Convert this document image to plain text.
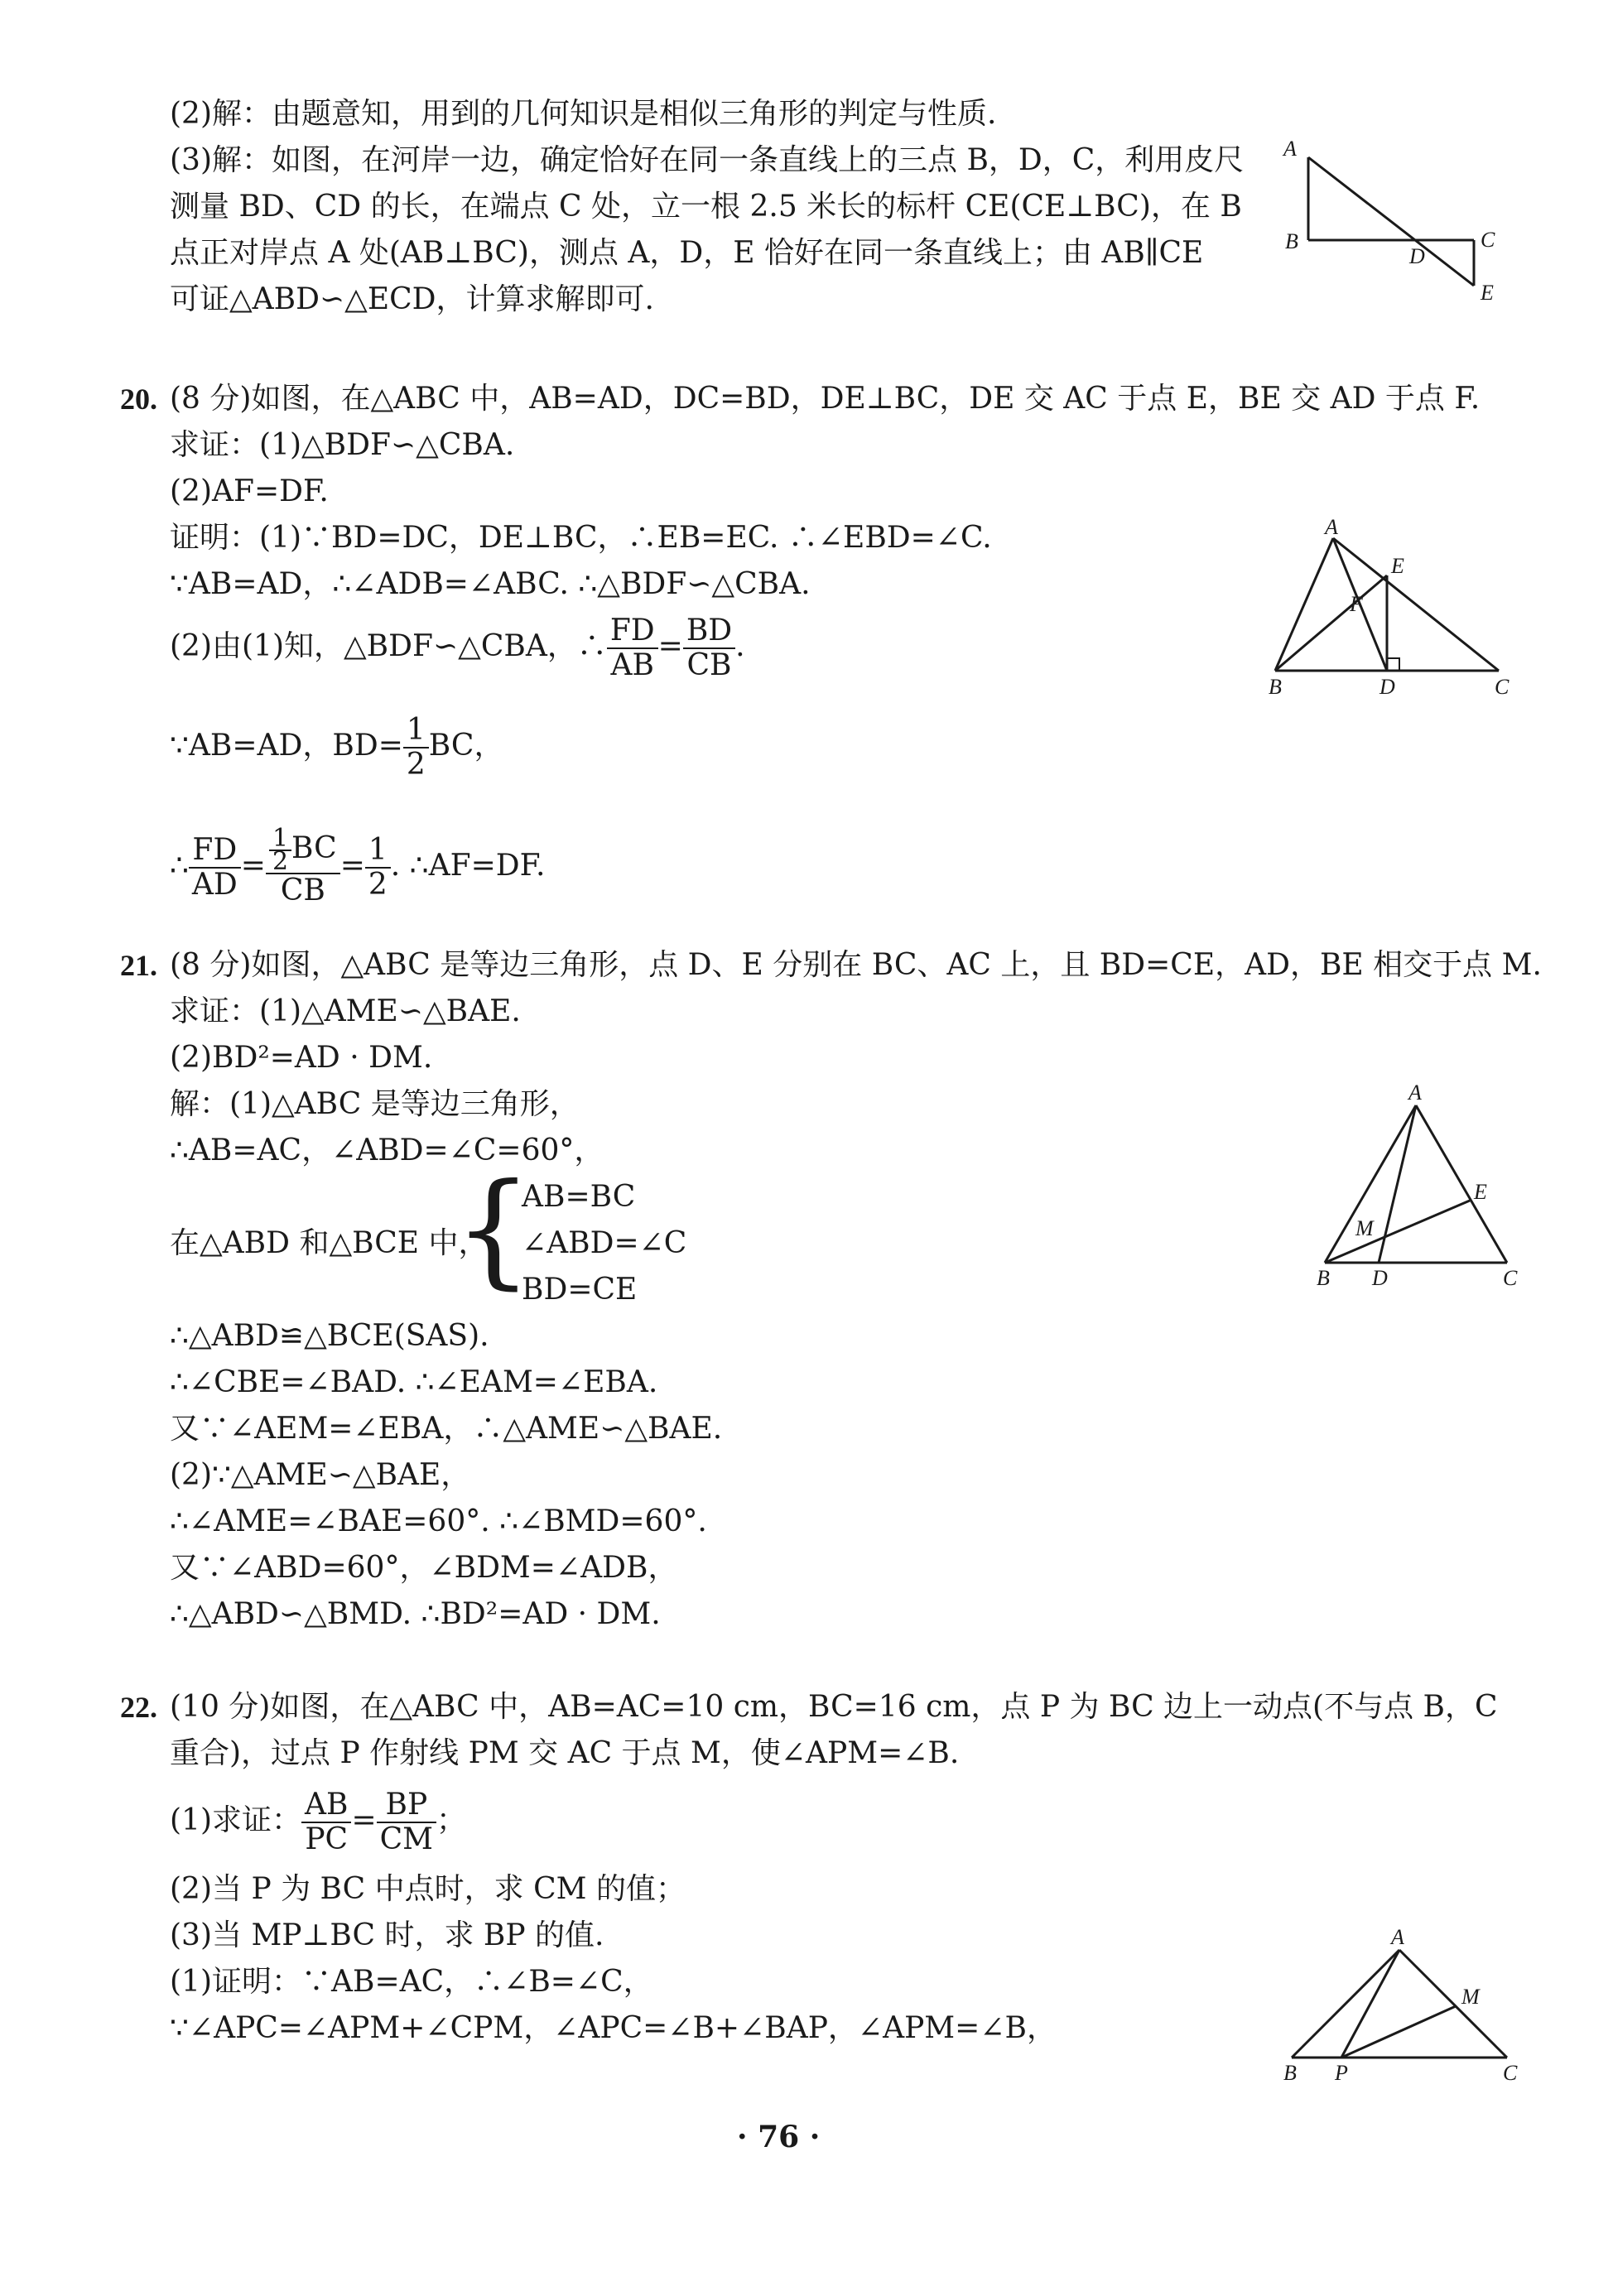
(2)解：由题意知，用到的几何知识是相似三角形的判定与性质.
(3)解：如图，在河岸一边，确定恰好在同一条直线上的三点 B，D，C，利用皮尺
测量 BD、CD 的长，在端点 C 处，立一根 2.5 米长的标杆 CE(CE⊥BC)，在 B
点正对岸点 A 处(AB⊥BC)，测点 A，D，E 恰好在同一条直线上；由 AB∥CE
可证△ABD∽△ECD，计算求解即可.
A
B	C
D
E
20. (8 分)如图，在△ABC 中，AB=AD，DC=BD，DE⊥BC，DE 交 AC 于点 E，BE 交 AD 于点 F.
求证：(1)△BDF∽△CBA.
(2)AF=DF.
证明：(1)∵BD=DC，DE⊥BC，∴EB=EC. ∴∠EBD=∠C.
∵AB=AD，∴∠ADB=∠ABC. ∴△BDF∽△CBA.
(2)由(1)知，△BDF∽△CBA，∴ $\frac{FD}{AB} = \frac{BD}{CB}$ .
∵AB=AD，$BD= \frac{1}{2}$ BC，
∴ $\frac{FD}{AD} = \frac{\frac{1}{2} BC}{CB} = \frac{1}{2}$ . ∴AF=DF.
A
E
F
B	D	C
21. (8 分)如图，△ABC 是等边三角形，点 D、E 分别在 BC、AC 上，且 BD=CE，AD，BE 相交于点 M.
求证：(1)△AME∽△BAE.
(2)BD²=AD · DM.
解：(1)△ABC 是等边三角形，
∴AB=AC，∠ABD=∠C=60°，
在△ABD 和△BCE 中，
{
AB=BC
∠ABD=∠C
BD=CE
∴△ABD≌△BCE(SAS).
∴∠CBE=∠BAD. ∴∠EAM=∠EBA.
又∵∠AEM=∠EBA，∴△AME∽△BAE.
(2)∵△AME∽△BAE，
∴∠AME=∠BAE=60°. ∴∠BMD=60°.
又∵∠ABD=60°，∠BDM=∠ADB，
∴△ABD∽△BMD. ∴BD²=AD · DM.
A
E
M
B D	C
22. (10 分)如图，在△ABC 中，AB=AC=10 cm，BC=16 cm，点 P 为 BC 边上一动点(不与点 B，C
重合)，过点 P 作射线 PM 交 AC 于点 M，使∠APM=∠B.
(1)求证： $\frac{AB}{PC} = \frac{BP}{CM}$ ；
(2)当 P 为 BC 中点时，求 CM 的值；
(3)当 MP⊥BC 时，求 BP 的值.
(1)证明：∵AB=AC，∴∠B=∠C，
∵∠APC=∠APM+∠CPM，∠APC=∠B+∠BAP，∠APM=∠B，
A
M
B P	C
· 76 ·
